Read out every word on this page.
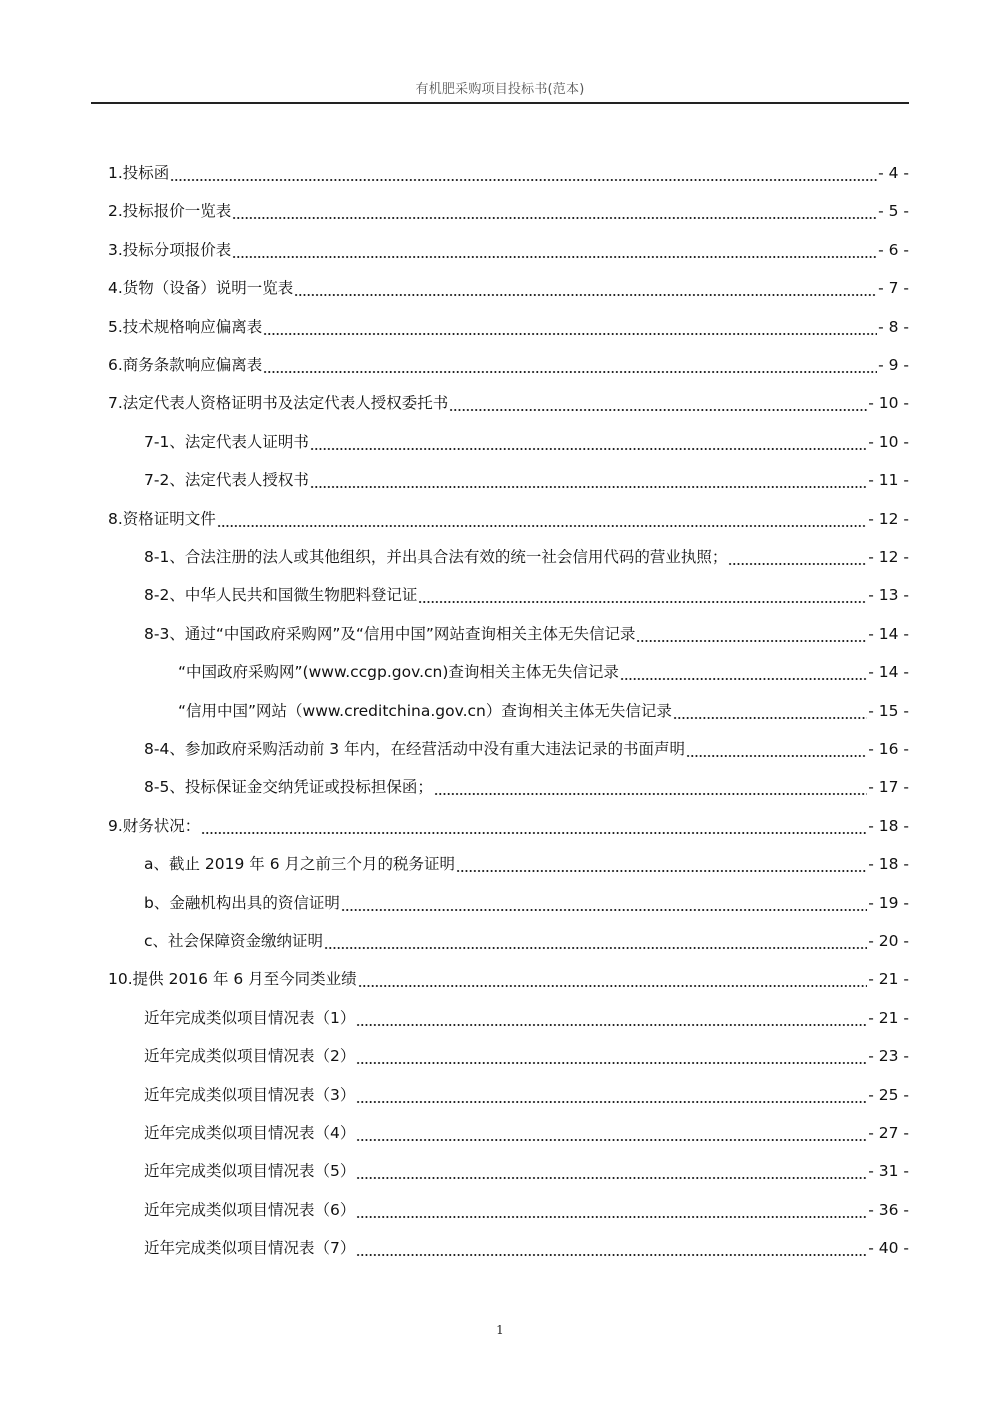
有机肥采购项目投标书(范本)
1.投标函	- 4 -
2.投标报价一览表	- 5 -
3.投标分项报价表	- 6 -
4.货物（设备）说明一览表	- 7 -
5.技术规格响应偏离表	- 8 -
6.商务条款响应偏离表	- 9 -
7.法定代表人资格证明书及法定代表人授权委托书	- 10 -
7-1、法定代表人证明书	- 10 -
7-2、法定代表人授权书	- 11 -
8.资格证明文件	- 12 -
8-1、合法注册的法人或其他组织，并出具合法有效的统一社会信用代码的营业执照；	- 12 -
8-2、中华人民共和国微生物肥料登记证	- 13 -
8-3、通过“中国政府采购网”及“信用中国”网站查询相关主体无失信记录	- 14 -
“中国政府采购网”(www.ccgp.gov.cn)查询相关主体无失信记录	- 14 -
“信用中国”网站（www.creditchina.gov.cn）查询相关主体无失信记录	- 15 -
8-4、参加政府采购活动前 3 年内，在经营活动中没有重大违法记录的书面声明	- 16 -
8-5、投标保证金交纳凭证或投标担保函；	- 17 -
9.财务状况：	- 18 -
a、截止 2019 年 6 月之前三个月的税务证明	- 18 -
b、金融机构出具的资信证明	- 19 -
c、社会保障资金缴纳证明	- 20 -
10.提供 2016 年 6 月至今同类业绩	- 21 -
近年完成类似项目情况表（1）	- 21 -
近年完成类似项目情况表（2）	- 23 -
近年完成类似项目情况表（3）	- 25 -
近年完成类似项目情况表（4）	- 27 -
近年完成类似项目情况表（5）	- 31 -
近年完成类似项目情况表（6）	- 36 -
近年完成类似项目情况表（7）	- 40 -
1
